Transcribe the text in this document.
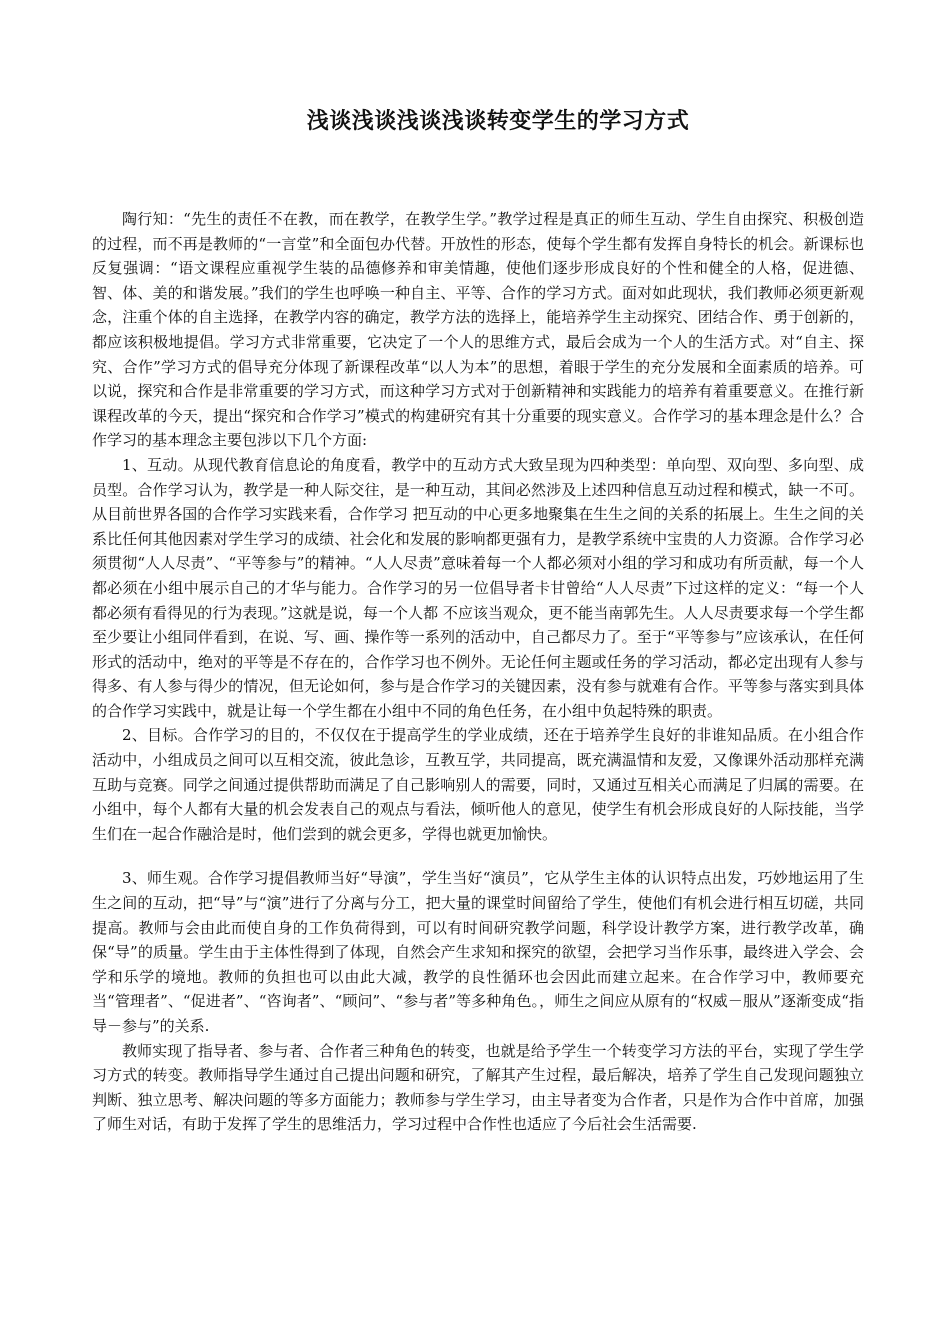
浅谈浅谈浅谈浅谈转变学生的学习方式

陶行知：“先生的责任不在教，而在教学，在教学生学。”教学过程是真正的师生互动、学生自由探究、积极创造的过程，而不再是教师的“一言堂”和全面包办代替。开放性的形态，使每个学生都有发挥自身特长的机会。新课标也反复强调：“语文课程应重视学生装的品德修养和审美情趣，使他们逐步形成良好的个性和健全的人格，促进德、智、体、美的和谐发展。”我们的学生也呼唤一种自主、平等、合作的学习方式。面对如此现状，我们教师必须更新观念，注重个体的自主选择，在教学内容的确定，教学方法的选择上，能培养学生主动探究、团结合作、勇于创新的，都应该积极地提倡。学习方式非常重要，它决定了一个人的思维方式，最后会成为一个人的生活方式。对“自主、探究、合作”学习方式的倡导充分体现了新课程改革“以人为本”的思想，着眼于学生的充分发展和全面素质的培养。可以说，探究和合作是非常重要的学习方式，而这种学习方式对于创新精神和实践能力的培养有着重要意义。在推行新课程改革的今天，提出“探究和合作学习”模式的构建研究有其十分重要的现实意义。合作学习的基本理念是什么？合作学习的基本理念主要包涉以下几个方面:

1、互动。从现代教育信息论的角度看，教学中的互动方式大致呈现为四种类型：单向型、双向型、多向型、成员型。合作学习认为，教学是一种人际交往，是一种互动，其间必然涉及上述四种信息互动过程和模式，缺一不可。从目前世界各国的合作学习实践来看，合作学习 把互动的中心更多地聚集在生生之间的关系的拓展上。生生之间的关系比任何其他因素对学生学习的成绩、社会化和发展的影响都更强有力，是教学系统中宝贵的人力资源。合作学习必须贯彻“人人尽责”、“平等参与”的精神。“人人尽责”意味着每一个人都必须对小组的学习和成功有所贡献，每一个人都必须在小组中展示自己的才华与能力。合作学习的另一位倡导者卡甘曾给“人人尽责”下过这样的定义：“每一个人都必须有看得见的行为表现。”这就是说，每一个人都 不应该当观众，更不能当南郭先生。人人尽责要求每一个学生都至少要让小组同伴看到，在说、写、画、操作等一系列的活动中，自己都尽力了。至于“平等参与”应该承认，在任何形式的活动中，绝对的平等是不存在的，合作学习也不例外。无论任何主题或任务的学习活动，都必定出现有人参与得多、有人参与得少的情况，但无论如何，参与是合作学习的关键因素，没有参与就难有合作。平等参与落实到具体的合作学习实践中，就是让每一个学生都在小组中不同的角色任务，在小组中负起特殊的职责。

2、目标。合作学习的目的，不仅仅在于提高学生的学业成绩，还在于培养学生良好的非谁知品质。在小组合作活动中，小组成员之间可以互相交流，彼此急诊，互教互学，共同提高，既充满温情和友爱，又像课外活动那样充满互助与竞赛。同学之间通过提供帮助而满足了自己影响别人的需要，同时，又通过互相关心而满足了归属的需要。在小组中，每个人都有大量的机会发表自己的观点与看法，倾听他人的意见，使学生有机会形成良好的人际技能，当学生们在一起合作融洽是时，他们尝到的就会更多，学得也就更加愉快。

3、师生观。合作学习提倡教师当好“导演”，学生当好“演员”，它从学生主体的认识特点出发，巧妙地运用了生生之间的互动，把“导”与“演”进行了分离与分工，把大量的课堂时间留给了学生，使他们有机会进行相互切磋，共同提高。教师与会由此而使自身的工作负荷得到，可以有时间研究教学问题，科学设计教学方案，进行教学改革，确保“导”的质量。学生由于主体性得到了体现，自然会产生求知和探究的欲望，会把学习当作乐事，最终进入学会、会学和乐学的境地。教师的负担也可以由此大减，教学的良性循环也会因此而建立起来。在合作学习中，教师要充当“管理者”、“促进者”、“咨询者”、“顾问”、“参与者”等多种角色。，师生之间应从原有的“权威－服从”逐渐变成“指导－参与”的关系.

教师实现了指导者、参与者、合作者三种角色的转变，也就是给予学生一个转变学习方法的平台，实现了学生学习方式的转变。教师指导学生通过自己提出问题和研究，了解其产生过程，最后解决，培养了学生自己发现问题独立判断、独立思考、解决问题的等多方面能力；教师参与学生学习，由主导者变为合作者，只是作为合作中首席，加强了师生对话，有助于发挥了学生的思维活力，学习过程中合作性也适应了今后社会生活需要.
